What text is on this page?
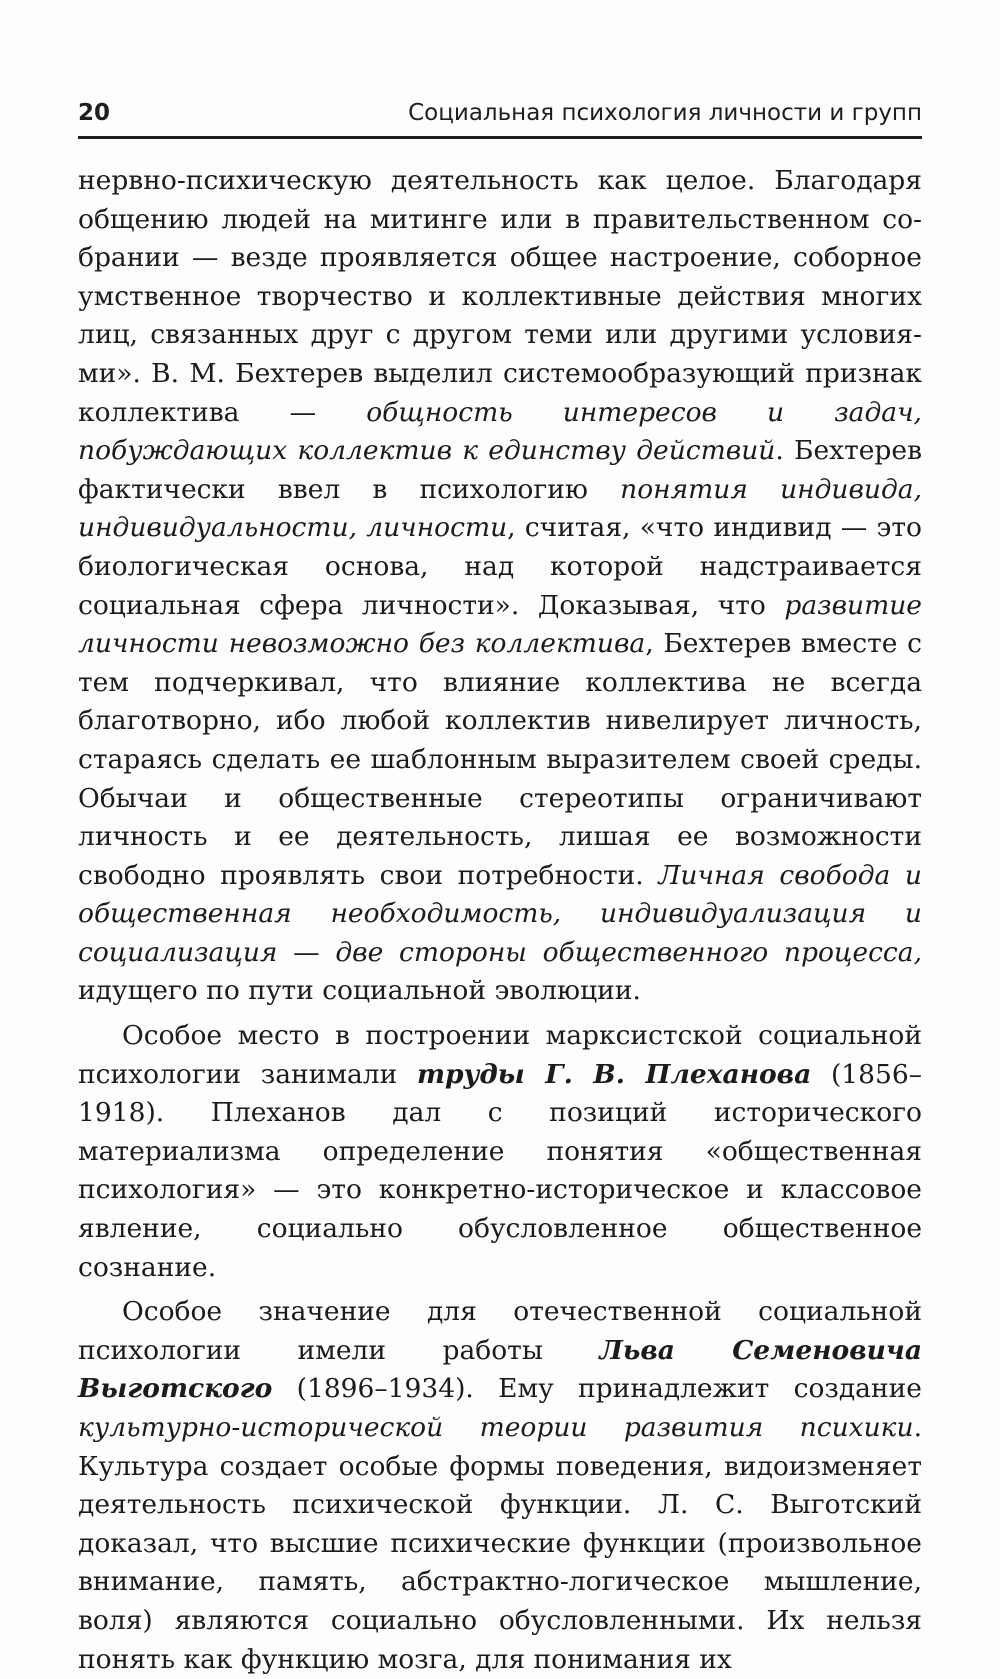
20	Социальная психология личности и групп

нервно-психическую деятельность как целое. Благодаря общению людей на митинге или в правительственном собрании — везде проявляется общее настроение, соборное умственное творчество и коллективные действия многих лиц, связанных друг с другом теми или другими условиями». В. М. Бехтерев выделил системообразующий признак коллектива — общность интересов и задач, побуждающих коллектив к единству действий. Бехтерев фактически ввел в психологию понятия индивида, индивидуальности, личности, считая, «что индивид — это биологическая основа, над которой надстраивается социальная сфера личности». Доказывая, что развитие личности невозможно без коллектива, Бехтерев вместе с тем подчеркивал, что влияние коллектива не всегда благотворно, ибо любой коллектив нивелирует личность, стараясь сделать ее шаблонным выразителем своей среды. Обычаи и общественные стереотипы ограничивают личность и ее деятельность, лишая ее возможности свободно проявлять свои потребности. Личная свобода и общественная необходимость, индивидуализация и социализация — две стороны общественного процесса, идущего по пути социальной эволюции.

Особое место в построении марксистской социальной психологии занимали труды Г. В. Плеханова (1856–1918). Плеханов дал с позиций исторического материализма определение понятия «общественная психология» — это конкретно-историческое и классовое явление, социально обусловленное общественное сознание.

Особое значение для отечественной социальной психологии имели работы Льва Семеновича Выготского (1896–1934). Ему принадлежит создание культурно-исторической теории развития психики. Культура создает особые формы поведения, видоизменяет деятельность психической функции. Л. С. Выготский доказал, что высшие психические функции (произвольное внимание, память, абстрактно-логическое мышление, воля) являются социально обусловленными. Их нельзя понять как функцию мозга, для понимания их
